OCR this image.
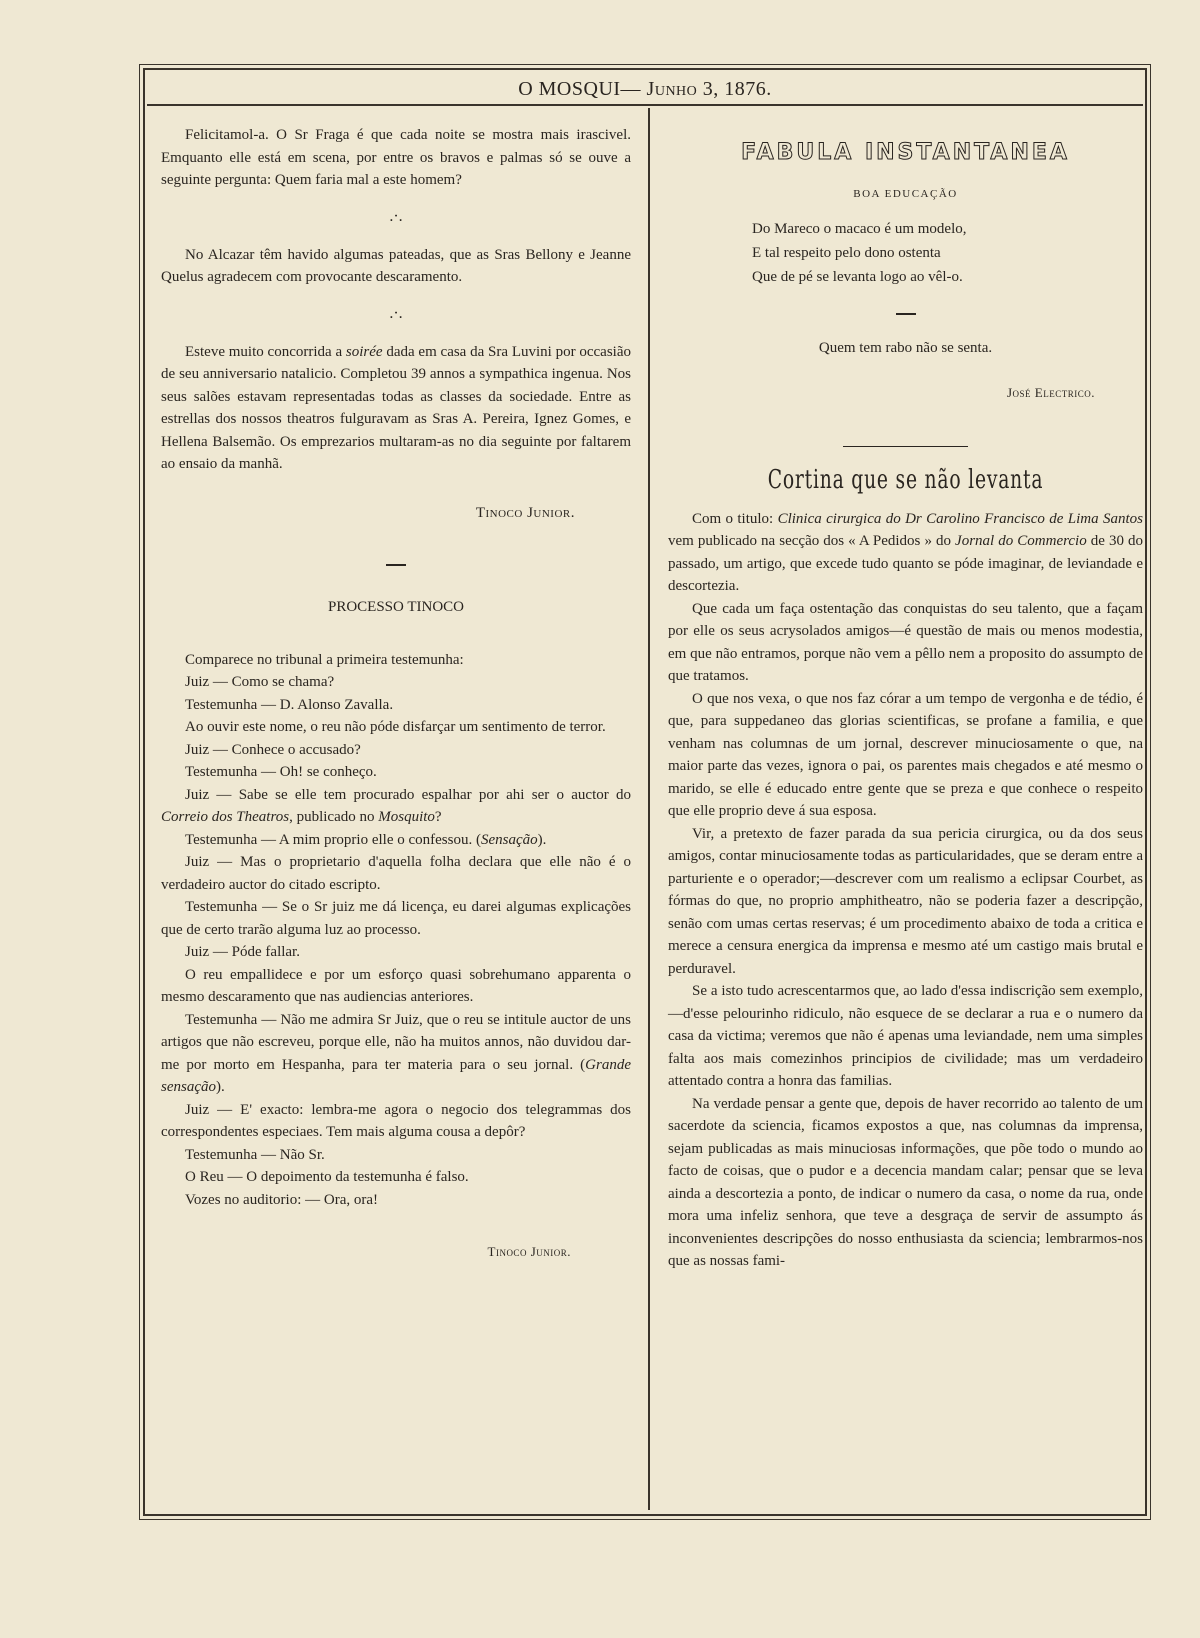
O MOSQUI— Junho 3, 1876.

Felicitamol-a. O Sr Fraga é que cada noite se mostra mais irascivel. Emquanto elle está em scena, por entre os bravos e palmas só se ouve a seguinte pergunta: Quem faria mal a este homem?

.·.

No Alcazar têm havido algumas pateadas, que as Sras Bellony e Jeanne Quelus agradecem com provocante descaramento.

.·.

Esteve muito concorrida a soirée dada em casa da Sra Luvini por occasião de seu anniversario natalicio. Completou 39 annos a sympathica ingenua. Nos seus salões estavam representadas todas as classes da sociedade. Entre as estrellas dos nossos theatros fulguravam as Sras A. Pereira, Ignez Gomes, e Hellena Balsemão. Os emprezarios multaram-as no dia seguinte por faltarem ao ensaio da manhã.

Tinoco Junior.

PROCESSO TINOCO

Comparece no tribunal a primeira testemunha:

Juiz — Como se chama?

Testemunha — D. Alonso Zavalla.

Ao ouvir este nome, o reu não póde disfarçar um sentimento de terror.

Juiz — Conhece o accusado?

Testemunha — Oh! se conheço.

Juiz — Sabe se elle tem procurado espalhar por ahi ser o auctor do Correio dos Theatros, publicado no Mosquito?

Testemunha — A mim proprio elle o confessou. (Sensação).

Juiz — Mas o proprietario d'aquella folha declara que elle não é o verdadeiro auctor do citado escripto.

Testemunha — Se o Sr juiz me dá licença, eu darei algumas explicações que de certo trarão alguma luz ao processo.

Juiz — Póde fallar.

O reu empallidece e por um esforço quasi sobrehumano apparenta o mesmo descaramento que nas audiencias anteriores.

Testemunha — Não me admira Sr Juiz, que o reu se intitule auctor de uns artigos que não escreveu, porque elle, não ha muitos annos, não duvidou dar-me por morto em Hespanha, para ter materia para o seu jornal. (Grande sensação).

Juiz — E' exacto: lembra-me agora o negocio dos telegrammas dos correspondentes especiaes. Tem mais alguma cousa a depôr?

Testemunha — Não Sr.

O Reu — O depoimento da testemunha é falso.

Vozes no auditorio: — Ora, ora!

Tinoco Junior.

FABULA INSTANTANEA
BOA EDUCAÇÃO
Do Mareco o macaco é um modelo,
E tal respeito pelo dono ostenta
Que de pé se levanta logo ao vêl-o.

Quem tem rabo não se senta.

José Electrico.

Cortina que se não levanta

Com o titulo: Clinica cirurgica do Dr Carolino Francisco de Lima Santos vem publicado na secção dos « A Pedidos » do Jornal do Commercio de 30 do passado, um artigo, que excede tudo quanto se póde imaginar, de leviandade e descortezia.

Que cada um faça ostentação das conquistas do seu talento, que a façam por elle os seus acrysolados amigos—é questão de mais ou menos modestia, em que não entramos, porque não vem a pêllo nem a proposito do assumpto de que tratamos.

O que nos vexa, o que nos faz córar a um tempo de vergonha e de tédio, é que, para suppedaneo das glorias scientificas, se profane a familia, e que venham nas columnas de um jornal, descrever minuciosamente o que, na maior parte das vezes, ignora o pai, os parentes mais chegados e até mesmo o marido, se elle é educado entre gente que se preza e que conhece o respeito que elle proprio deve á sua esposa.

Vir, a pretexto de fazer parada da sua pericia cirurgica, ou da dos seus amigos, contar minuciosamente todas as particularidades, que se deram entre a parturiente e o operador;—descrever com um realismo a eclipsar Courbet, as fórmas do que, no proprio amphitheatro, não se poderia fazer a descripção, senão com umas certas reservas; é um procedimento abaixo de toda a critica e merece a censura energica da imprensa e mesmo até um castigo mais brutal e perduravel.

Se a isto tudo acrescentarmos que, ao lado d'essa indiscrição sem exemplo,—d'esse pelourinho ridiculo, não esquece de se declarar a rua e o numero da casa da victima; veremos que não é apenas uma leviandade, nem uma simples falta aos mais comezinhos principios de civilidade; mas um verdadeiro attentado contra a honra das familias.

Na verdade pensar a gente que, depois de haver recorrido ao talento de um sacerdote da sciencia, ficamos expostos a que, nas columnas da imprensa, sejam publicadas as mais minuciosas informações, que põe todo o mundo ao facto de coisas, que o pudor e a decencia mandam calar; pensar que se leva ainda a descortezia a ponto, de indicar o numero da casa, o nome da rua, onde mora uma infeliz senhora, que teve a desgraça de servir de assumpto ás inconvenientes descripções do nosso enthusiasta da sciencia; lembrarmos-nos que as nossas fami-
